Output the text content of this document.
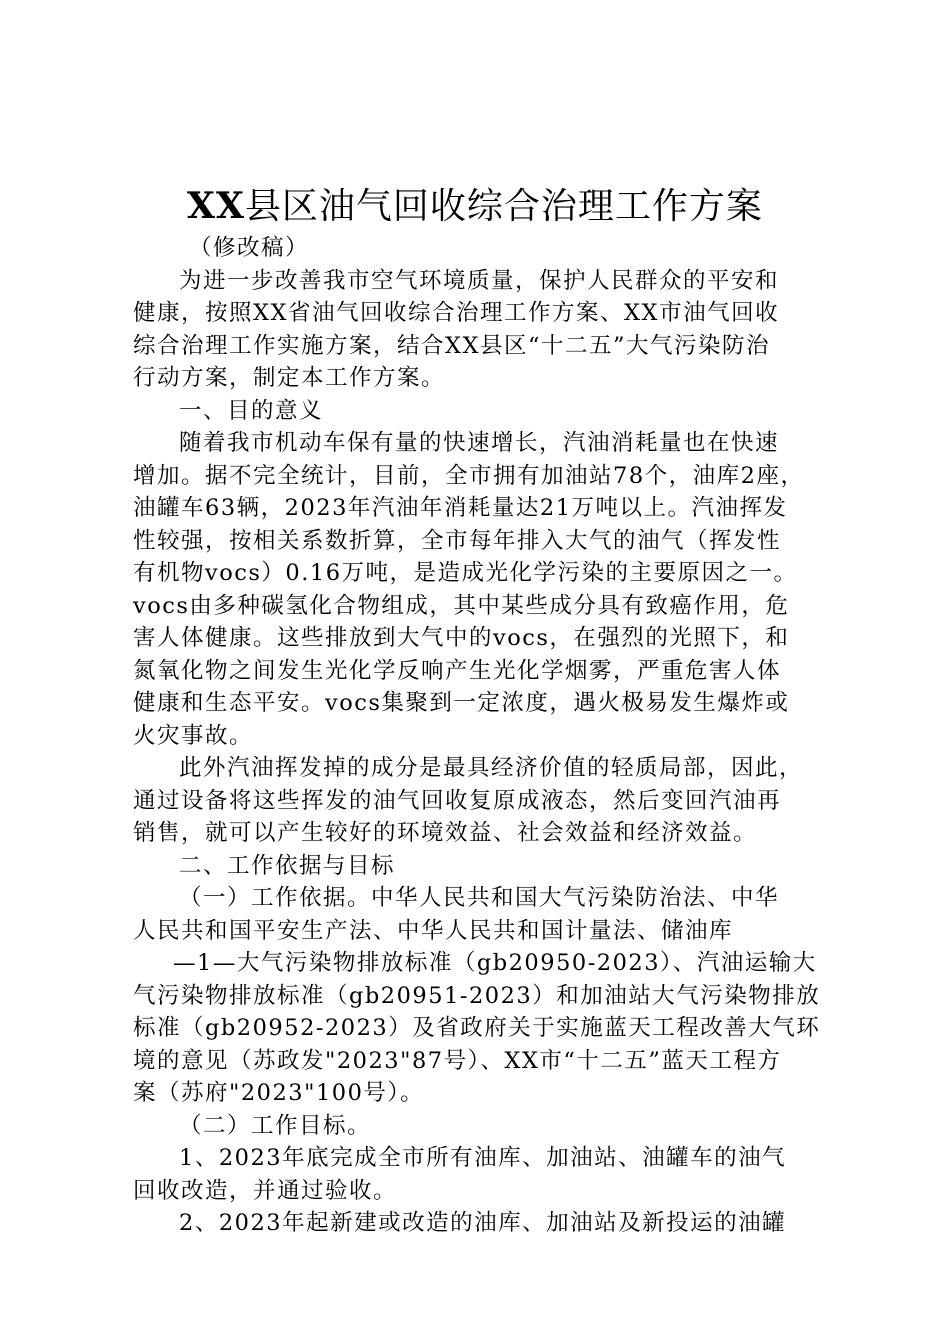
XX县区油气回收综合治理工作方案

（修改稿）

为进一步改善我市空气环境质量，保护人民群众的平安和
健康，按照XX省油气回收综合治理工作方案、XX市油气回收
综合治理工作实施方案，结合XX县区“十二五”大气污染防治
行动方案，制定本工作方案。

一、目的意义

随着我市机动车保有量的快速增长，汽油消耗量也在快速
增加。据不完全统计，目前，全市拥有加油站78个，油库2座，
油罐车63辆，2023年汽油年消耗量达21万吨以上。汽油挥发
性较强，按相关系数折算，全市每年排入大气的油气（挥发性
有机物vocs）0.16万吨，是造成光化学污染的主要原因之一。
vocs由多种碳氢化合物组成，其中某些成分具有致癌作用，危
害人体健康。这些排放到大气中的vocs，在强烈的光照下，和
氮氧化物之间发生光化学反响产生光化学烟雾，严重危害人体
健康和生态平安。vocs集聚到一定浓度，遇火极易发生爆炸或
火灾事故。

此外汽油挥发掉的成分是最具经济价值的轻质局部，因此，
通过设备将这些挥发的油气回收复原成液态，然后变回汽油再
销售，就可以产生较好的环境效益、社会效益和经济效益。

二、工作依据与目标

（一）工作依据。中华人民共和国大气污染防治法、中华
人民共和国平安生产法、中华人民共和国计量法、储油库

—1—大气污染物排放标准（gb20950-2023）、汽油运输大
气污染物排放标准（gb20951-2023）和加油站大气污染物排放
标准（gb20952-2023）及省政府关于实施蓝天工程改善大气环
境的意见（苏政发"2023"87号）、XX市“十二五”蓝天工程方
案（苏府"2023"100号）。

（二）工作目标。

1、2023年底完成全市所有油库、加油站、油罐车的油气
回收改造，并通过验收。

2、2023年起新建或改造的油库、加油站及新投运的油罐
